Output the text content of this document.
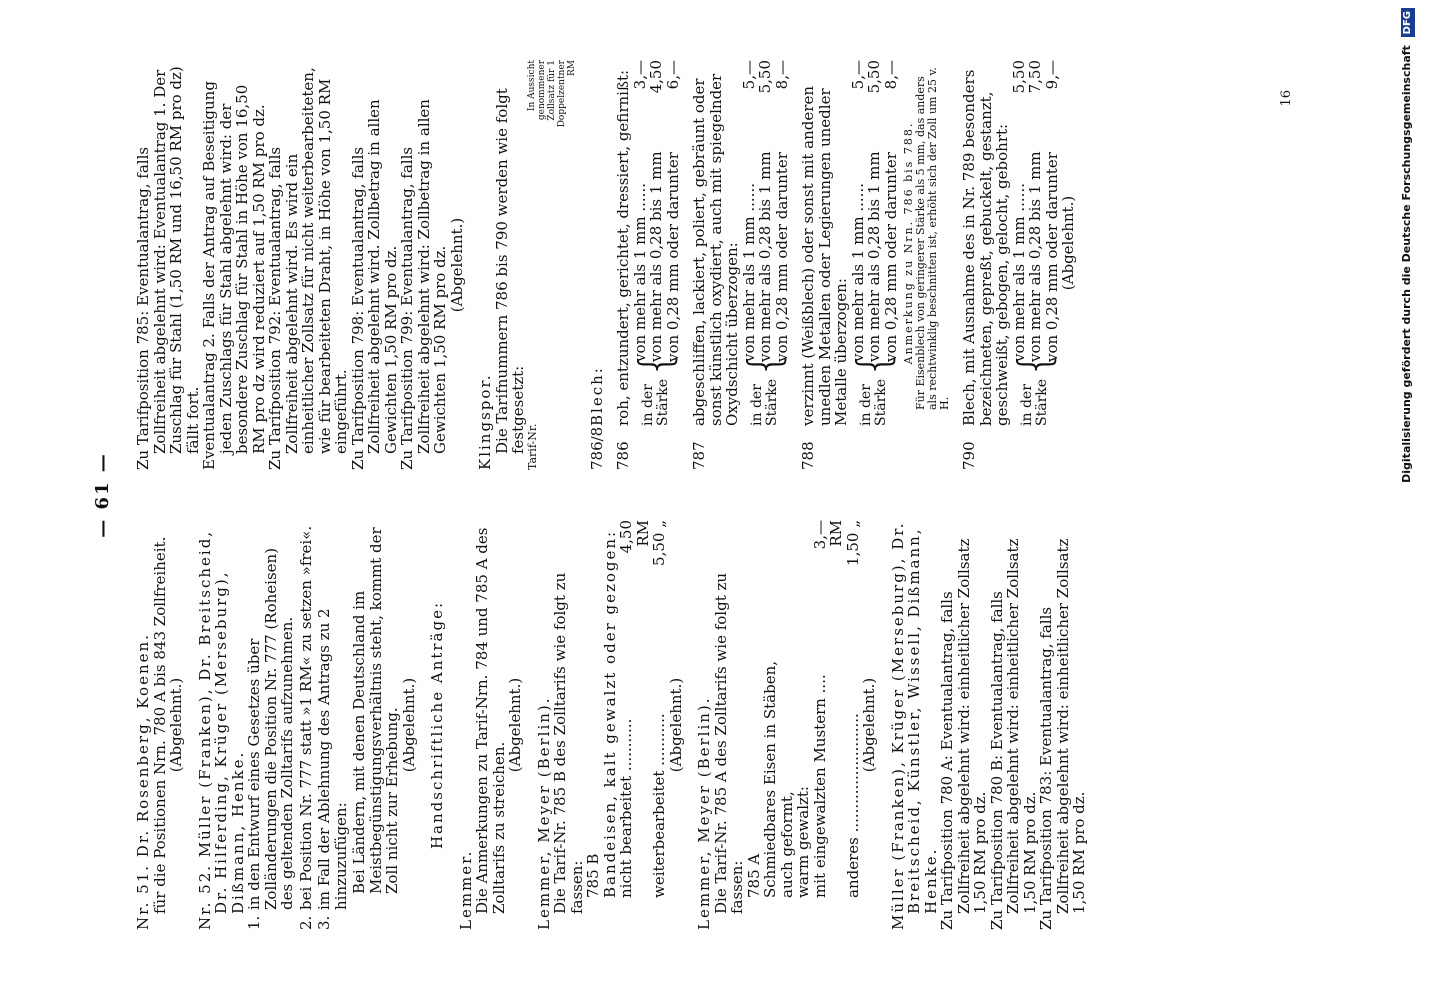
— 61 —
Nr. 51. Dr. Rosenberg, Koenen.
für die Positionen Nrn. 780 A bis 843 Zollfreiheit.
(Abgelehnt.) Nr. 52. Müller (Franken), Dr. Breitscheid, Dr. Hilferding, Krüger (Merseburg), Dißmann, Henke.
1.
in den Entwurf eines Gesetzes über Zolländerungen die Position Nr. 777 (Roheisen) des geltenden Zolltarifs aufzunehmen.
2.
bei Position Nr. 777 statt »1 RM« zu setzen »frei«.
3.
im Fall der Ablehnung des Antrags zu 2 hinzuzufügen: Bei Ländern, mit denen Deutschland im Meistbegünstigungsverhältnis steht, kommt der Zoll nicht zur Erhebung.
(Abgelehnt.) Handschriftliche Anträge:
Lemmer.
Die Anmerkungen zu Tarif-Nrn. 784 und 785 A des Zolltarifs zu streichen.
(Abgelehnt.) Lemmer, Meyer (Berlin).
Die Tarif-Nr. 785 B des Zolltarifs wie folgt zu fassen:
785 B
Bandeisen, kalt gewalzt oder gezogen:
nicht bearbeitet ...........
4,50 RM
weiterbearbeitet ...........
5,50 „
(Abgelehnt.) Lemmer, Meyer (Berlin).
Die Tarif-Nr. 785 A des Zolltarifs wie folgt zu fassen:
785 A
Schmiedbares Eisen in Stäben,
auch geformt,
warm gewalzt:
mit eingewalzten Mustern ....
3,— RM
anderes .........................
1,50 „
(Abgelehnt.) Müller (Franken), Krüger (Merseburg), Dr. Breitscheid, Künstler, Wissell, Dißmann, Henke.
Zu Tarifposition 780 A: Eventualantrag, falls Zollfreiheit abgelehnt wird: einheitlicher Zollsatz 1,50 RM pro dz.
Zu Tarifposition 780 B: Eventualantrag, falls Zollfreiheit abgelehnt wird: einheitlicher Zollsatz 1,50 RM pro dz.
Zu Tarifposition 783: Eventualantrag, falls Zollfreiheit abgelehnt wird: einheitlicher Zollsatz 1,50 RM pro dz.
Zu Tarifposition 785: Eventualantrag, falls Zollfreiheit abgelehnt wird: Eventualantrag 1. Der Zuschlag für Stahl (1,50 RM und 16,50 RM pro dz) fällt fort.
Eventualantrag 2. Falls der Antrag auf Beseitigung jeden Zuschlags für Stahl abgelehnt wird: der besondere Zuschlag für Stahl in Höhe von 16,50 RM pro dz wird reduziert auf 1,50 RM pro dz.
Zu Tarifposition 792: Eventualantrag, falls Zollfreiheit abgelehnt wird. Es wird ein einheitlicher Zollsatz für nicht weiterbearbeiteten, wie für bearbeiteten Draht, in Höhe von 1,50 RM eingeführt.
Zu Tarifposition 798: Eventualantrag, falls Zollfreiheit abgelehnt wird. Zollbetrag in allen Gewichten 1,50 RM pro dz.
Zu Tarifposition 799: Eventualantrag, falls Zollfreiheit abgelehnt wird: Zollbetrag in allen Gewichten 1,50 RM pro dz.
(Abgelehnt.)
Klingspor.
Die Tarifnummern 786 bis 790 werden wie folgt festgesetzt:
Tarif-Nr.
In Aussicht genommener Zollsatz für 1 Doppelzentner RM
786/8
Blech:
786
roh, entzundert, gerichtet, dressiert, gefirnißt: in der Stärke
{
von mehr als 1 mm ......
3,—
von mehr als 0,28 bis 1 mm
4,50
von 0,28 mm oder darunter
6,—
787
abgeschliffen, lackiert, poliert, gebräunt oder sonst künstlich oxydiert, auch mit spiegelnder Oxydschicht überzogen: in der Stärke
{
von mehr als 1 mm ......
5,—
von mehr als 0,28 bis 1 mm
5,50
von 0,28 mm oder darunter
8,—
788
verzinnt (Weißblech) oder sonst mit anderen unedlen Metallen oder Legierungen unedler Metalle überzogen: in der Stärke
{
von mehr als 1 mm ......
5,—
von mehr als 0,28 bis 1 mm
5,50
von 0,28 mm oder darunter
8,—
Anmerkung zu Nrn. 786 bis 788. Für Eisenblech von geringerer Stärke als 5 mm, das anders als rechtwinklig beschnitten ist, erhöht sich der Zoll um 25 v. H.
790
Blech, mit Ausnahme des in Nr. 789 besonders bezeichneten, gepreßt, gebuckelt, gestanzt, geschweißt, gebogen, gelocht, gebohrt: in der Stärke
{
von mehr als 1 mm ......
5,50
von mehr als 0,28 bis 1 mm
7,50
von 0,28 mm oder darunter
9,—
(Abgelehnt.)
16	Digitalisierung gefördert durch die Deutsche Forschungsgemeinschaft DFG
